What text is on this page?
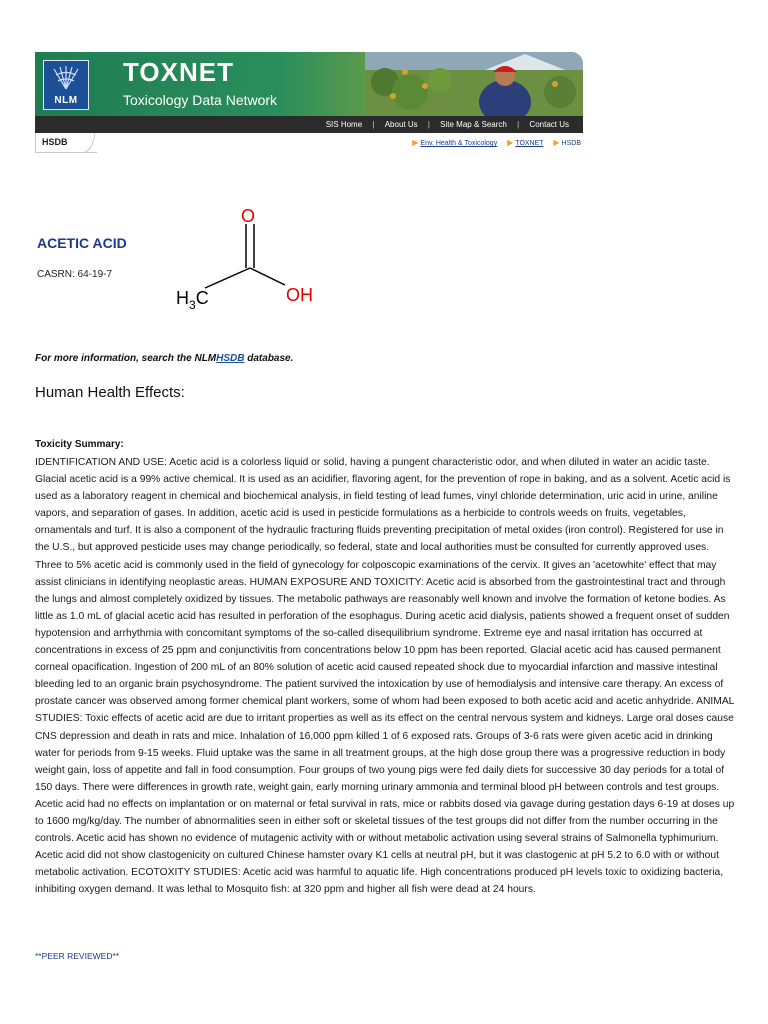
NLM
TOXNET
Toxicology Data Network
SIS Home | About Us | Site Map & Search | Contact Us
HSDB	▶ Env. Health & Toxicology ▶ TOXNET ▶ HSDB
ACETIC ACID
CASRN: 64-19-7
O
OH
$H_3C$
For more information, search the NLMHSDB database.
Human Health Effects:
Toxicity Summary:
IDENTIFICATION AND USE: Acetic acid is a colorless liquid or solid, having a pungent characteristic odor, and when diluted in water an acidic taste. Glacial acetic acid is a 99% active chemical. It is used as an acidifier, flavoring agent, for the prevention of rope in baking, and as a solvent. Acetic acid is used as a laboratory reagent in chemical and biochemical analysis, in field testing of lead fumes, vinyl chloride determination, uric acid in urine, aniline vapors, and separation of gases. In addition, acetic acid is used in pesticide formulations as a herbicide to controls weeds on fruits, vegetables, ornamentals and turf. It is also a component of the hydraulic fracturing fluids preventing precipitation of metal oxides (iron control). Registered for use in the U.S., but approved pesticide uses may change periodically, so federal, state and local authorities must be consulted for currently approved uses. Three to 5% acetic acid is commonly used in the field of gynecology for colposcopic examinations of the cervix. It gives an 'acetowhite' effect that may assist clinicians in identifying neoplastic areas. HUMAN EXPOSURE AND TOXICITY: Acetic acid is absorbed from the gastrointestinal tract and through the lungs and almost completely oxidized by tissues. The metabolic pathways are reasonably well known and involve the formation of ketone bodies. As little as 1.0 mL of glacial acetic acid has resulted in perforation of the esophagus. During acetic acid dialysis, patients showed a frequent onset of sudden hypotension and arrhythmia with concomitant symptoms of the so-called disequilibrium syndrome. Extreme eye and nasal irritation has occurred at concentrations in excess of 25 ppm and conjunctivitis from concentrations below 10 ppm has been reported. Glacial acetic acid has caused permanent corneal opacification. Ingestion of 200 mL of an 80% solution of acetic acid caused repeated shock due to myocardial infarction and massive intestinal bleeding led to an organic brain psychosyndrome. The patient survived the intoxication by use of hemodialysis and intensive care therapy. An excess of prostate cancer was observed among former chemical plant workers, some of whom had been exposed to both acetic acid and acetic anhydride. ANIMAL STUDIES: Toxic effects of acetic acid are due to irritant properties as well as its effect on the central nervous system and kidneys. Large oral doses cause CNS depression and death in rats and mice. Inhalation of 16,000 ppm killed 1 of 6 exposed rats. Groups of 3-6 rats were given acetic acid in drinking water for periods from 9-15 weeks. Fluid uptake was the same in all treatment groups, at the high dose group there was a progressive reduction in body weight gain, loss of appetite and fall in food consumption. Four groups of two young pigs were fed daily diets for successive 30 day periods for a total of 150 days. There were differences in growth rate, weight gain, early morning urinary ammonia and terminal blood pH between controls and test groups. Acetic acid had no effects on implantation or on maternal or fetal survival in rats, mice or rabbits dosed via gavage during gestation days 6-19 at doses up to 1600 mg/kg/day. The number of abnormalities seen in either soft or skeletal tissues of the test groups did not differ from the number occurring in the controls. Acetic acid has shown no evidence of mutagenic activity with or without metabolic activation using several strains of Salmonella typhimurium. Acetic acid did not show clastogenicity on cultured Chinese hamster ovary K1 cells at neutral pH, but it was clastogenic at pH 5.2 to 6.0 with or without metabolic activation. ECOTOXITY STUDIES: Acetic acid was harmful to aquatic life. High concentrations produced pH levels toxic to oxidizing bacteria, inhibiting oxygen demand. It was lethal to Mosquito fish: at 320 ppm and higher all fish were dead at 24 hours.
**PEER REVIEWED**
